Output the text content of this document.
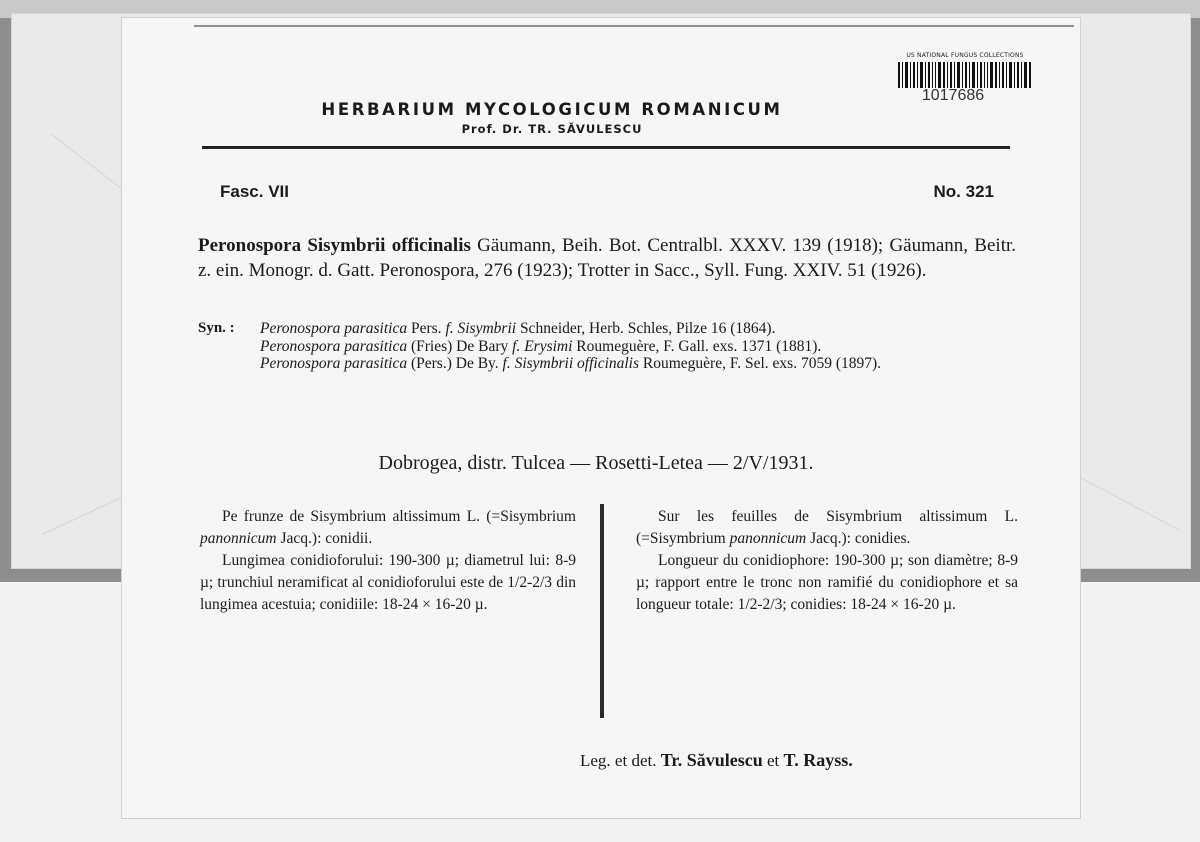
US NATIONAL FUNGUS COLLECTIONS
1017686
HERBARIUM MYCOLOGICUM ROMANICUM
Prof. Dr. TR. SĂVULESCU
Fasc. VII	No. 321
Peronospora Sisymbrii officinalis Gäumann, Beih. Bot. Centralbl. XXXV. 139 (1918); Gäumann, Beitr. z. ein. Monogr. d. Gatt. Peronospora, 276 (1923); Trotter in Sacc., Syll. Fung. XXIV. 51 (1926).
Syn. : Peronospora parasitica Pers. f. Sisymbrii Schneider, Herb. Schles, Pilze 16 (1864).
Peronospora parasitica (Fries) De Bary f. Erysimi Roumeguère, F. Gall. exs. 1371 (1881).
Peronospora parasitica (Pers.) De By. f. Sisymbrii officinalis Roumeguère, F. Sel. exs. 7059 (1897).
Dobrogea, distr. Tulcea — Rosetti-Letea — 2/V/1931.

Pe frunze de Sisymbrium altissimum L. (=Sisymbrium panonnicum Jacq.): conidii.

Lungimea conidioforului: 190-300 µ; diametrul lui: 8-9 µ; trunchiul neramificat al conidioforului este de 1/2-2/3 din lungimea acestuia; conidiile: 18-24 × 16-20 µ.

Sur les feuilles de Sisymbrium altissimum L. (=Sisymbrium panonnicum Jacq.): conidies.

Longueur du conidiophore: 190-300 µ; son diamètre; 8-9 µ; rapport entre le tronc non ramifié du conidiophore et sa longueur totale: 1/2-2/3; conidies: 18-24 × 16-20 µ.

Leg. et det. Tr. Săvulescu et T. Rayss.
